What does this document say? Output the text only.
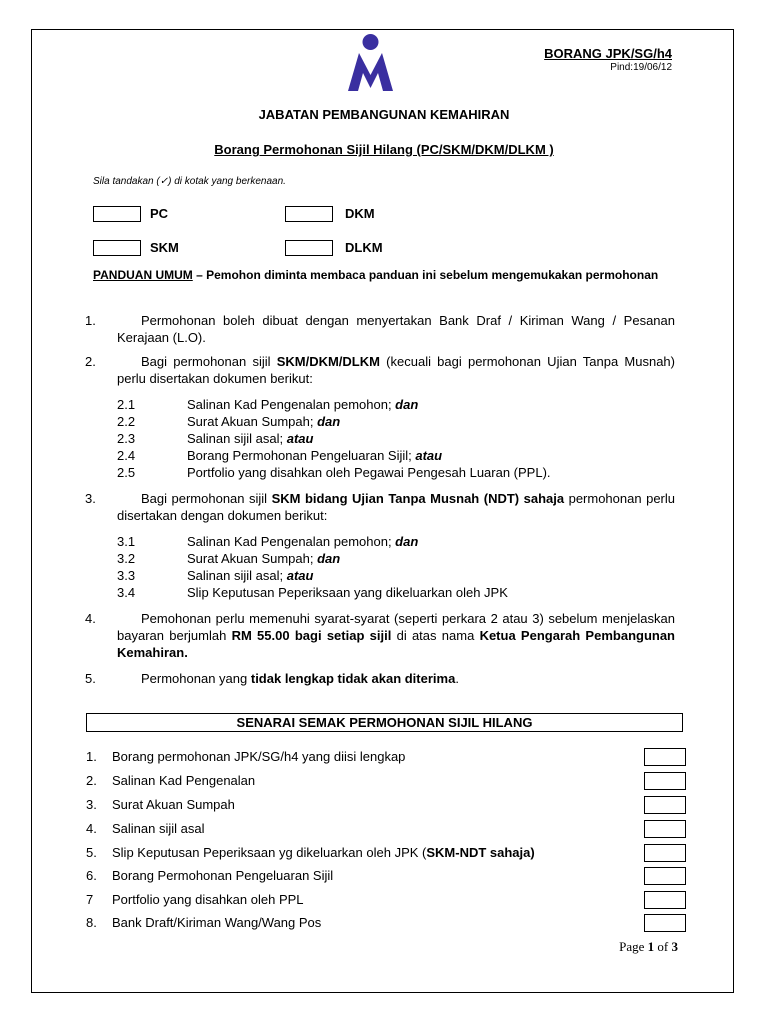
BORANG JPK/SG/h4
Pind:19/06/12
JABATAN PEMBANGUNAN KEMAHIRAN
Borang Permohonan Sijil Hilang (PC/SKM/DKM/DLKM )
Sila tandakan (✓) di kotak yang berkenaan.
PC	DKM
SKM	DLKM
PANDUAN UMUM – Pemohon diminta membaca panduan ini sebelum mengemukakan permohonan
1.	Permohonan boleh dibuat dengan menyertakan Bank Draf / Kiriman Wang / Pesanan Kerajaan (L.O).
2.	Bagi permohonan sijil SKM/DKM/DLKM (kecuali bagi permohonan Ujian Tanpa Musnah) perlu disertakan dokumen berikut:
2.1	Salinan Kad Pengenalan pemohon; dan
2.2	Surat Akuan Sumpah; dan
2.3	Salinan sijil asal; atau
2.4	Borang Permohonan Pengeluaran Sijil; atau
2.5	Portfolio yang disahkan oleh Pegawai Pengesah Luaran (PPL).
3.	Bagi permohonan sijil SKM bidang Ujian Tanpa Musnah (NDT) sahaja permohonan perlu disertakan dengan dokumen berikut:
3.1	Salinan Kad Pengenalan pemohon; dan
3.2	Surat Akuan Sumpah; dan
3.3	Salinan sijil asal; atau
3.4	Slip Keputusan Peperiksaan yang dikeluarkan oleh JPK
4.	Pemohonan perlu memenuhi syarat-syarat (seperti perkara 2 atau 3) sebelum menjelaskan bayaran berjumlah RM 55.00 bagi setiap sijil di atas nama Ketua Pengarah Pembangunan Kemahiran.
5.	Permohonan yang tidak lengkap tidak akan diterima.
SENARAI SEMAK PERMOHONAN SIJIL HILANG
1. Borang permohonan JPK/SG/h4 yang diisi lengkap
2. Salinan Kad Pengenalan
3. Surat Akuan Sumpah
4. Salinan sijil asal
5. Slip Keputusan Peperiksaan yg dikeluarkan oleh JPK (SKM-NDT sahaja)
6. Borang Permohonan Pengeluaran Sijil
7 Portfolio yang disahkan oleh PPL
8. Bank Draft/Kiriman Wang/Wang Pos
Page 1 of 3
